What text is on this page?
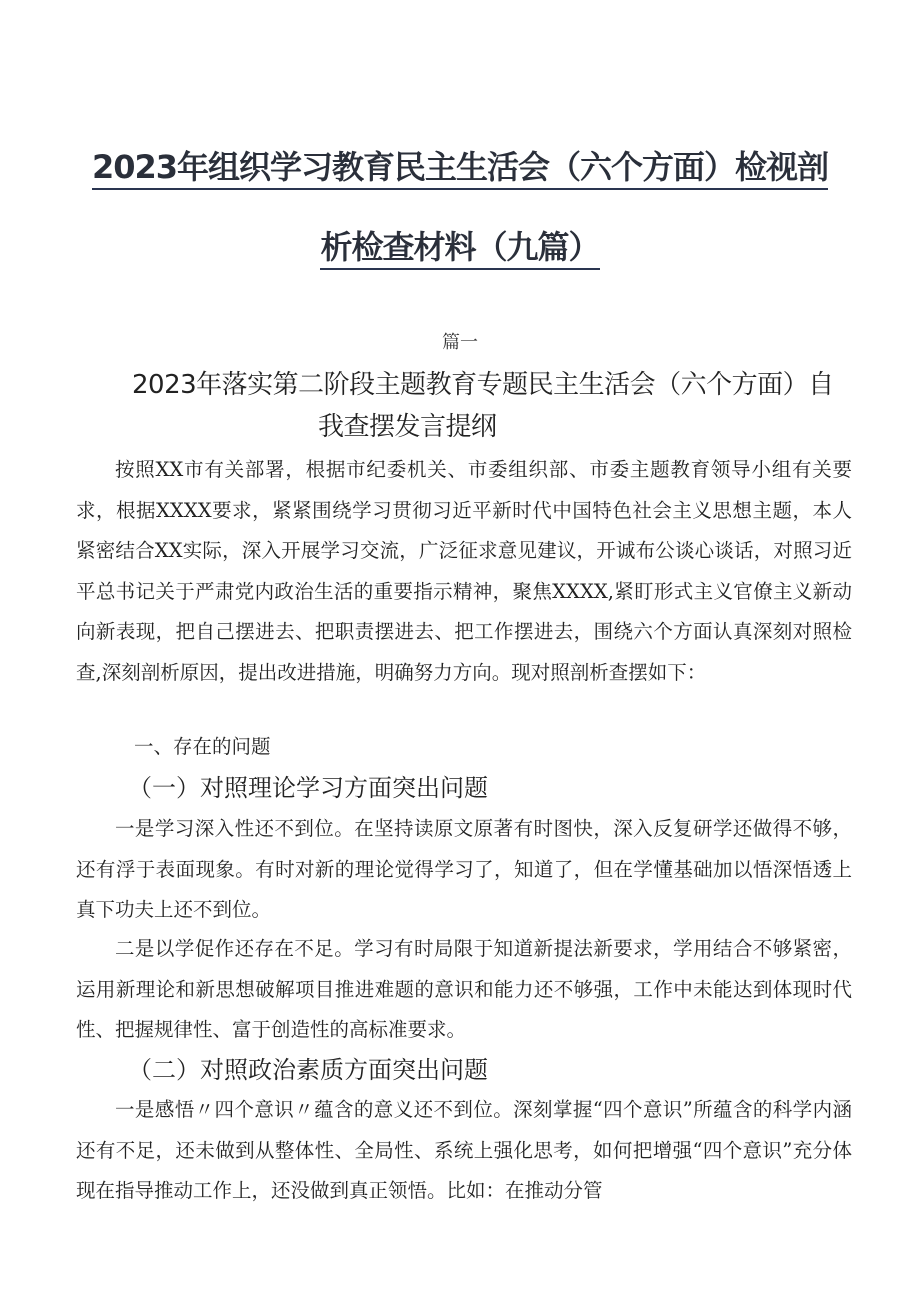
2023年组织学习教育民主生活会（六个方面）检视剖
析检查材料（九篇）
篇一
2023年落实第二阶段主题教育专题民主生活会（六个方面）自
我查摆发言提纲

按照XX市有关部署，根据市纪委机关、市委组织部、市委主题教育领导小组有关要求，根据XXXX要求，紧紧围绕学习贯彻习近平新时代中国特色社会主义思想主题，本人紧密结合XX实际，深入开展学习交流，广泛征求意见建议，开诚布公谈心谈话，对照习近平总书记关于严肃党内政治生活的重要指示精神，聚焦XXXX,紧盯形式主义官僚主义新动向新表现，把自己摆进去、把职责摆进去、把工作摆进去，围绕六个方面认真深刻对照检查,深刻剖析原因，提出改进措施，明确努力方向。现对照剖析查摆如下：

一、存在的问题
（一）对照理论学习方面突出问题

一是学习深入性还不到位。在坚持读原文原著有时图快，深入反复研学还做得不够，还有浮于表面现象。有时对新的理论觉得学习了，知道了，但在学懂基础加以悟深悟透上真下功夫上还不到位。

二是以学促作还存在不足。学习有时局限于知道新提法新要求，学用结合不够紧密，运用新理论和新思想破解项目推进难题的意识和能力还不够强，工作中未能达到体现时代性、把握规律性、富于创造性的高标准要求。

（二）对照政治素质方面突出问题

一是感悟〃四个意识〃蕴含的意义还不到位。深刻掌握“四个意识”所蕴含的科学内涵还有不足，还未做到从整体性、全局性、系统上强化思考，如何把增强“四个意识”充分体现在指导推动工作上，还没做到真正领悟。比如：在推动分管
